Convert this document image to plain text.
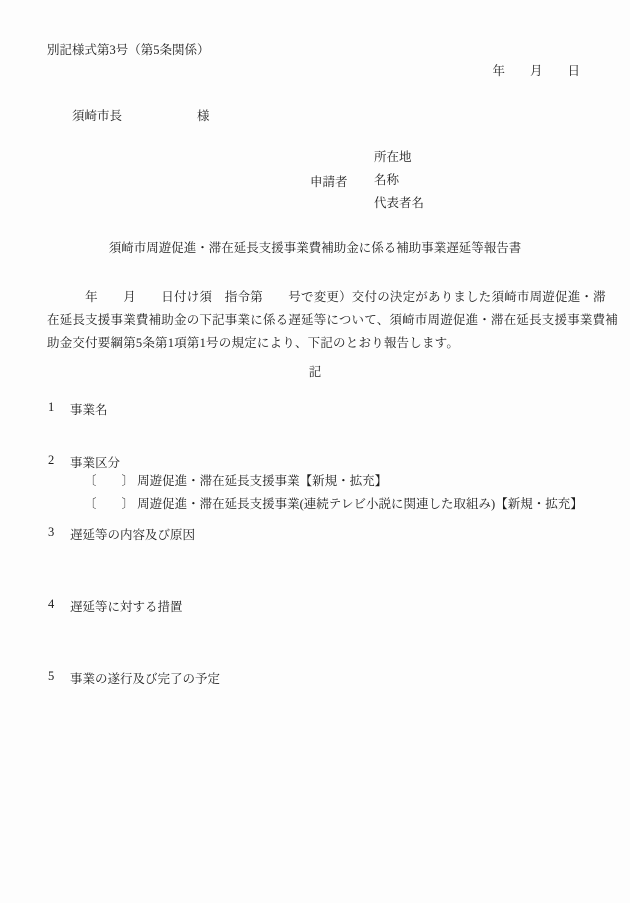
別記様式第3号（第5条関係）
年　　月　　日
須崎市長　　　　　　様
申請者
所在地
名称
代表者名
須崎市周遊促進・滞在延長支援事業費補助金に係る補助事業遅延等報告書
　　　年　　月　　日付け須　指令第　　号で変更）交付の決定がありました須崎市周遊促進・滞
在延長支援事業費補助金の下記事業に係る遅延等について、須崎市周遊促進・滞在延長支援事業費補
助金交付要綱第5条第1項第1号の規定により、下記のとおり報告します。
記
1	事業名
2	事業区分
〔　　〕 周遊促進・滞在延長支援事業【新規・拡充】
〔　　〕 周遊促進・滞在延長支援事業(連続テレビ小説に関連した取組み)【新規・拡充】
3	遅延等の内容及び原因
4	遅延等に対する措置
5	事業の遂行及び完了の予定
